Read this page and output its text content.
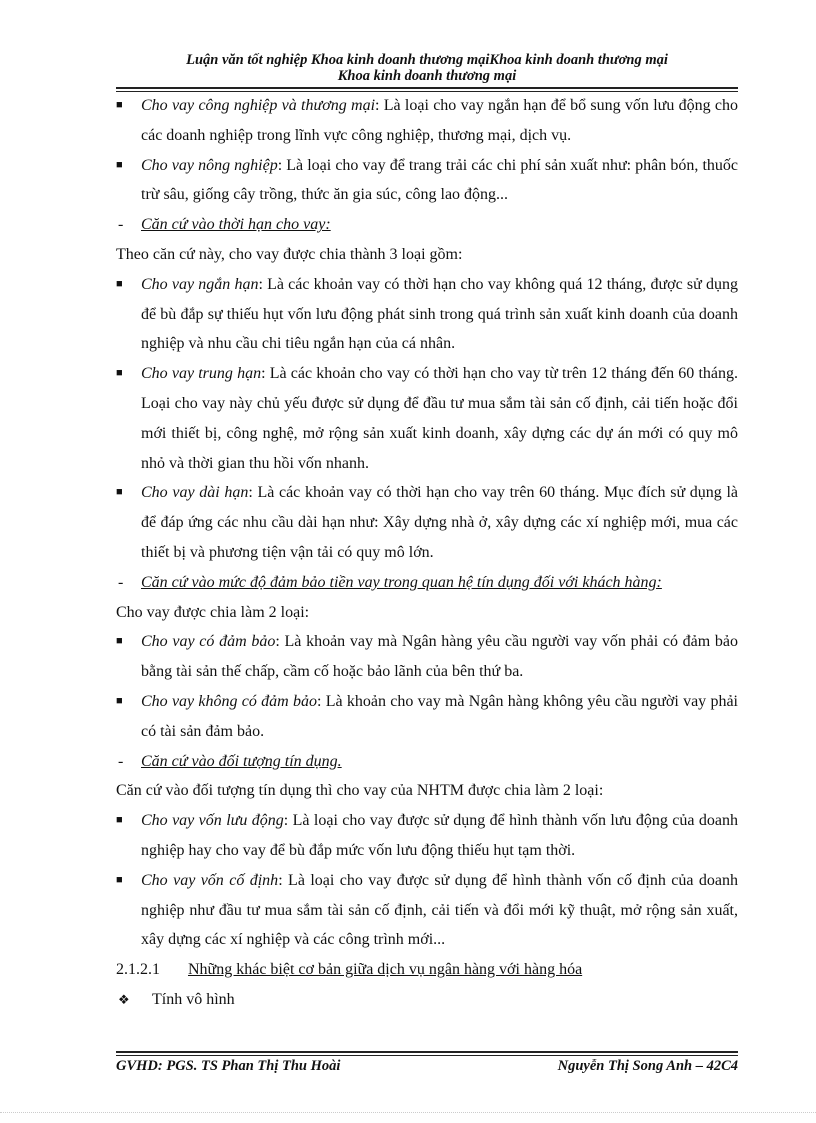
Luận văn tốt nghiệp Khoa kinh doanh thương mạiKhoa kinh doanh thương mại
Khoa kinh doanh thương mại

■ Cho vay công nghiệp và thương mại: Là loại cho vay ngắn hạn để bổ sung vốn lưu động cho các doanh nghiệp trong lĩnh vực công nghiệp, thương mại, dịch vụ.

■ Cho vay nông nghiệp: Là loại cho vay để trang trải các chi phí sản xuất như: phân bón, thuốc trừ sâu, giống cây trồng, thức ăn gia súc, công lao động...

- Căn cứ vào thời hạn cho vay:

Theo căn cứ này, cho vay được chia thành 3 loại gồm:

■ Cho vay ngắn hạn: Là các khoản vay có thời hạn cho vay không quá 12 tháng, được sử dụng để bù đắp sự thiếu hụt vốn lưu động phát sinh trong quá trình sản xuất kinh doanh của doanh nghiệp và nhu cầu chi tiêu ngắn hạn của cá nhân.

■ Cho vay trung hạn: Là các khoản cho vay có thời hạn cho vay từ trên 12 tháng đến 60 tháng. Loại cho vay này chủ yếu được sử dụng để đầu tư mua sắm tài sản cố định, cải tiến hoặc đổi mới thiết bị, công nghệ, mở rộng sản xuất kinh doanh, xây dựng các dự án mới có quy mô nhỏ và thời gian thu hồi vốn nhanh.

■ Cho vay dài hạn: Là các khoản vay có thời hạn cho vay trên 60 tháng. Mục đích sử dụng là để đáp ứng các nhu cầu dài hạn như: Xây dựng nhà ở, xây dựng các xí nghiệp mới, mua các thiết bị và phương tiện vận tải có quy mô lớn.

- Căn cứ vào mức độ đảm bảo tiền vay trong quan hệ tín dụng đối với khách hàng:

Cho vay được chia làm 2 loại:

■ Cho vay có đảm bảo: Là khoản vay mà Ngân hàng yêu cầu người vay vốn phải có đảm bảo bằng tài sản thế chấp, cầm cố hoặc bảo lãnh của bên thứ ba.

■ Cho vay không có đảm bảo: Là khoản cho vay mà Ngân hàng không yêu cầu người vay phải có tài sản đảm bảo.

- Căn cứ vào đối tượng tín dụng.

Căn cứ vào đối tượng tín dụng thì cho vay của NHTM được chia làm 2 loại:

■ Cho vay vốn lưu động: Là loại cho vay được sử dụng để hình thành vốn lưu động của doanh nghiệp hay cho vay để bù đắp mức vốn lưu động thiếu hụt tạm thời.

■ Cho vay vốn cố định: Là loại cho vay được sử dụng để hình thành vốn cố định của doanh nghiệp như đầu tư mua sắm tài sản cố định, cải tiến và đổi mới kỹ thuật, mở rộng sản xuất, xây dựng các xí nghiệp và các công trình mới...

2.1.2.1	Những khác biệt cơ bản giữa dịch vụ ngân hàng với hàng hóa

❖ Tính vô hình

GVHD: PGS. TS Phan Thị Thu Hoài	Nguyễn Thị Song Anh – 42C4
